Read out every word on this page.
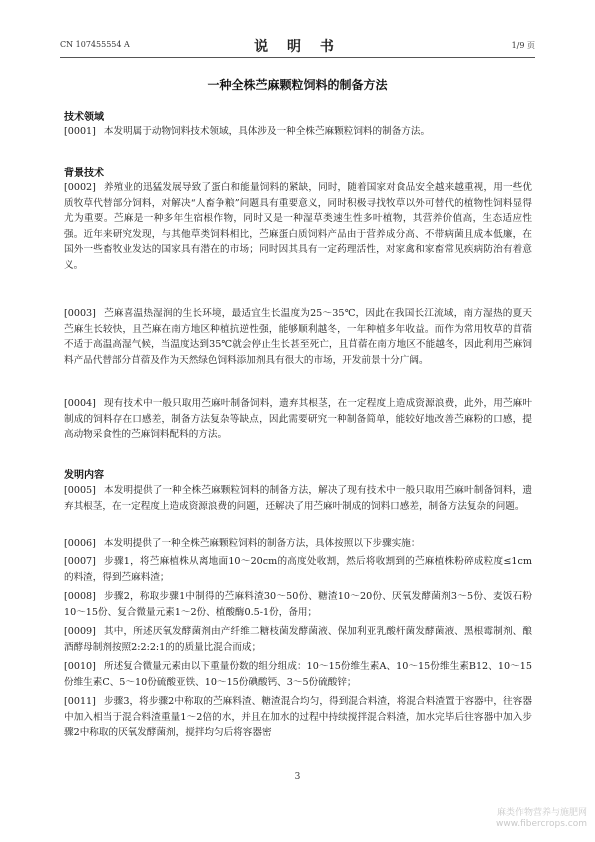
CN 107455554 A	说 明 书	1/9 页
一种全株苎麻颗粒饲料的制备方法
技术领域
[0001] 本发明属于动物饲料技术领域，具体涉及一种全株苎麻颗粒饲料的制备方法。
背景技术
[0002] 养殖业的迅猛发展导致了蛋白和能量饲料的紧缺，同时，随着国家对食品安全越来越重视，用一些优质牧草代替部分饲料，对解决“人畜争粮”问题具有重要意义，同时积极寻找牧草以外可替代的植物性饲料显得尤为重要。苎麻是一种多年生宿根作物，同时又是一种湿草类速生性多叶植物，其营养价值高，生态适应性强。近年来研究发现，与其他草类饲料相比，苎麻蛋白质饲料产品由于营养成分高、不带病菌且成本低廉，在国外一些畜牧业发达的国家具有潜在的市场；同时因其具有一定药理活性，对家禽和家畜常见疾病防治有着意义。
[0003] 苎麻喜温热湿润的生长环境，最适宜生长温度为25～35℃，因此在我国长江流域，南方湿热的夏天苎麻生长较快，且苎麻在南方地区种植抗逆性强，能够顺利越冬，一年种植多年收益。而作为常用牧草的苜蓿不适于高温高湿气候，当温度达到35℃就会停止生长甚至死亡，且苜蓿在南方地区不能越冬，因此利用苎麻饲料产品代替部分苜蓿及作为天然绿色饲料添加剂具有很大的市场，开发前景十分广阔。
[0004] 现有技术中一般只取用苎麻叶制备饲料，遗弃其根茎，在一定程度上造成资源浪费，此外，用苎麻叶制成的饲料存在口感差，制备方法复杂等缺点，因此需要研究一种制备简单，能较好地改善苎麻粉的口感，提高动物采食性的苎麻饲料配料的方法。
发明内容
[0005] 本发明提供了一种全株苎麻颗粒饲料的制备方法，解决了现有技术中一般只取用苎麻叶制备饲料，遗弃其根茎，在一定程度上造成资源浪费的问题，还解决了用苎麻叶制成的饲料口感差，制备方法复杂的问题。
[0006] 本发明提供了一种全株苎麻颗粒饲料的制备方法，具体按照以下步骤实施：
[0007] 步骤1，将苎麻植株从离地面10～20cm的高度处收割，然后将收割到的苎麻植株粉碎成粒度≤1cm的料渣，得到苎麻料渣；
[0008] 步骤2，称取步骤1中制得的苎麻料渣30～50份、糖渣10～20份、厌氧发酵菌剂3～5份、麦饭石粉10～15份、复合微量元素1～2份、植酸酶0.5-1份，备用；
[0009] 其中，所述厌氧发酵菌剂由产纤维二糖枝菌发酵菌液、保加利亚乳酸杆菌发酵菌液、黑根霉制剂、酿酒酵母制剂按照2:2:2:1的的质量比混合而成；
[0010] 所述复合微量元素由以下重量份数的组分组成：10～15份维生素A、10～15份维生素B12、10～15份维生素C、5～10份硫酸亚铁、10～15份碘酸钙、3～5份硫酸锌；
[0011] 步骤3，将步骤2中称取的苎麻料渣、糖渣混合均匀，得到混合料渣，将混合料渣置于容器中，往容器中加入相当于混合料渣重量1～2倍的水，并且在加水的过程中持续搅拌混合料渣，加水完毕后往容器中加入步骤2中称取的厌氧发酵菌剂，搅拌均匀后将容器密
3
麻类作物营养与施肥网
www.fibercrops.com
